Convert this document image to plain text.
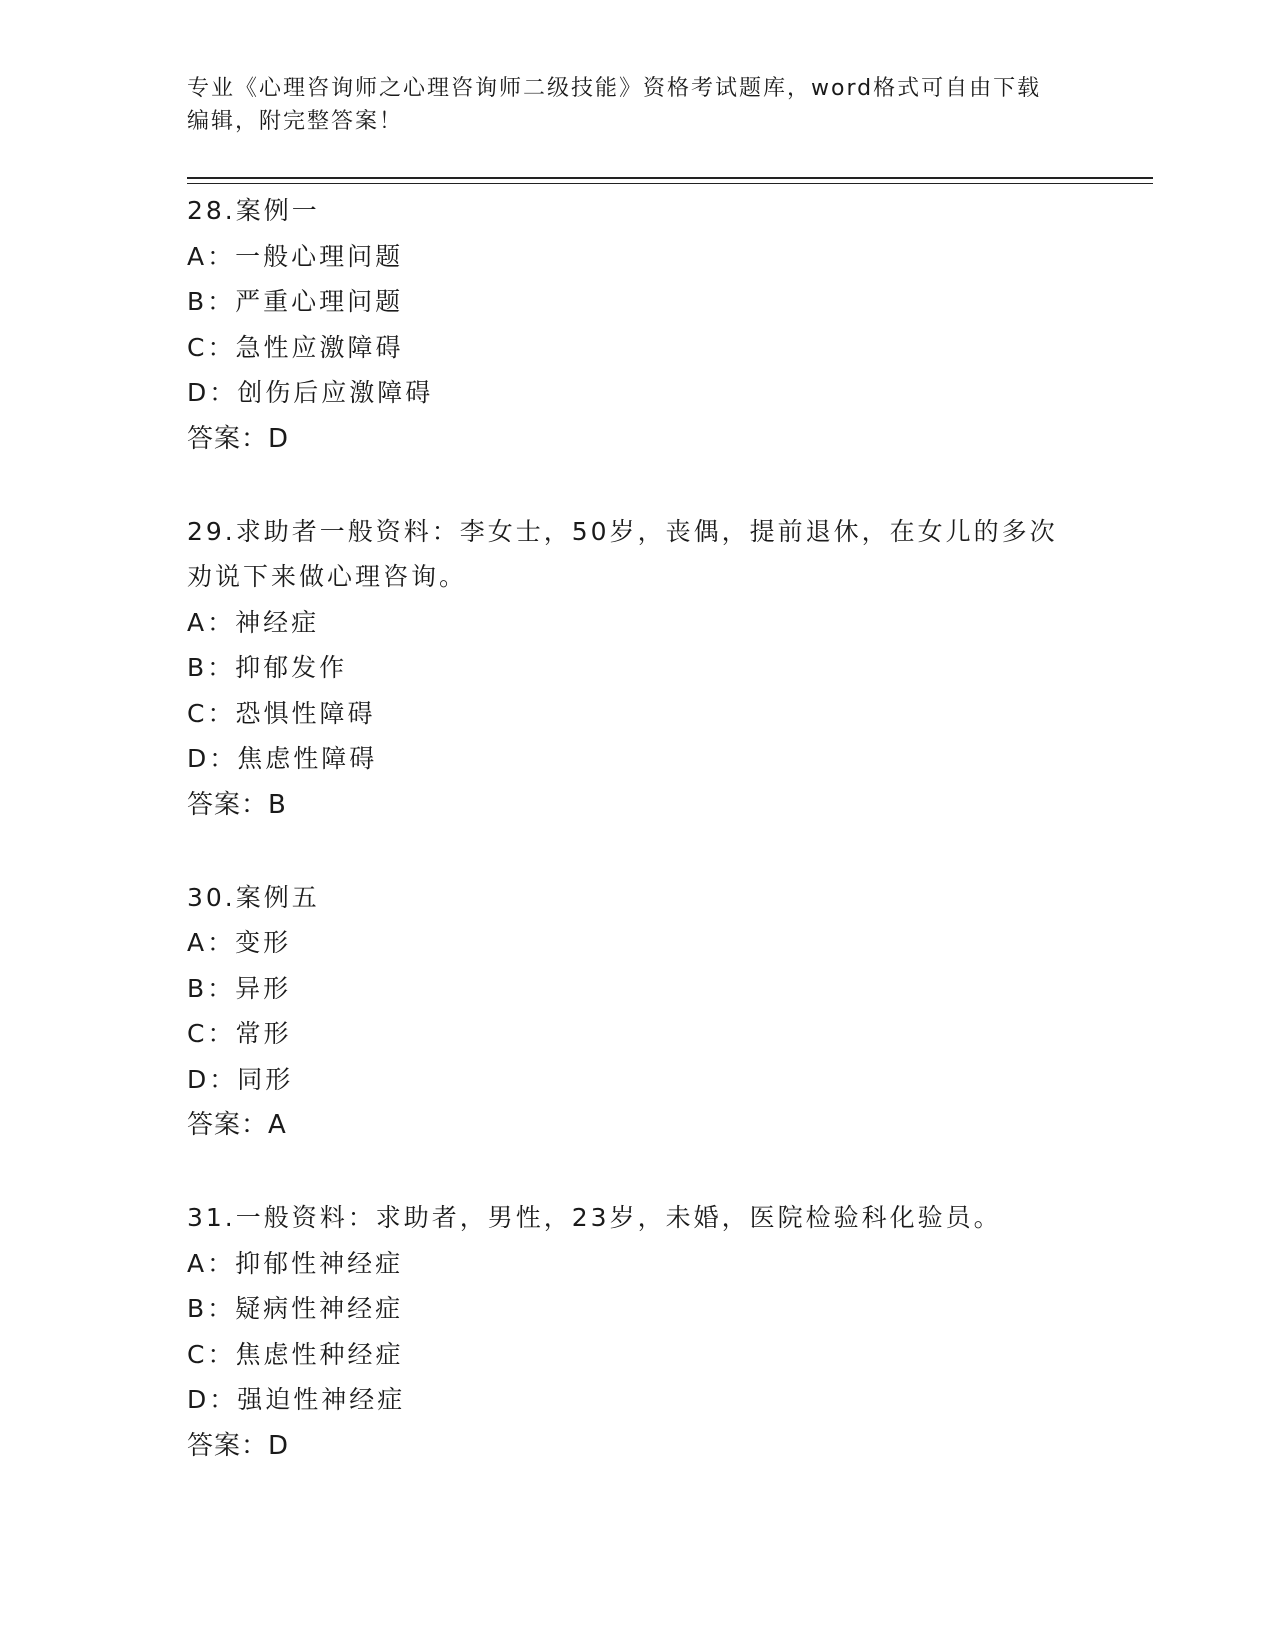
专业《心理咨询师之心理咨询师二级技能》资格考试题库，word格式可自由下载
编辑，附完整答案！
28.案例一
A：一般心理问题
B：严重心理问题
C：急性应激障碍
D：创伤后应激障碍
答案：D
29.求助者一般资料：李女士，50岁，丧偶，提前退休，在女儿的多次
劝说下来做心理咨询。
A：神经症
B：抑郁发作
C：恐惧性障碍
D：焦虑性障碍
答案：B
30.案例五
A：变形
B：异形
C：常形
D：同形
答案：A
31.一般资料：求助者，男性，23岁，未婚，医院检验科化验员。
A：抑郁性神经症
B：疑病性神经症
C：焦虑性种经症
D：强迫性神经症
答案：D
